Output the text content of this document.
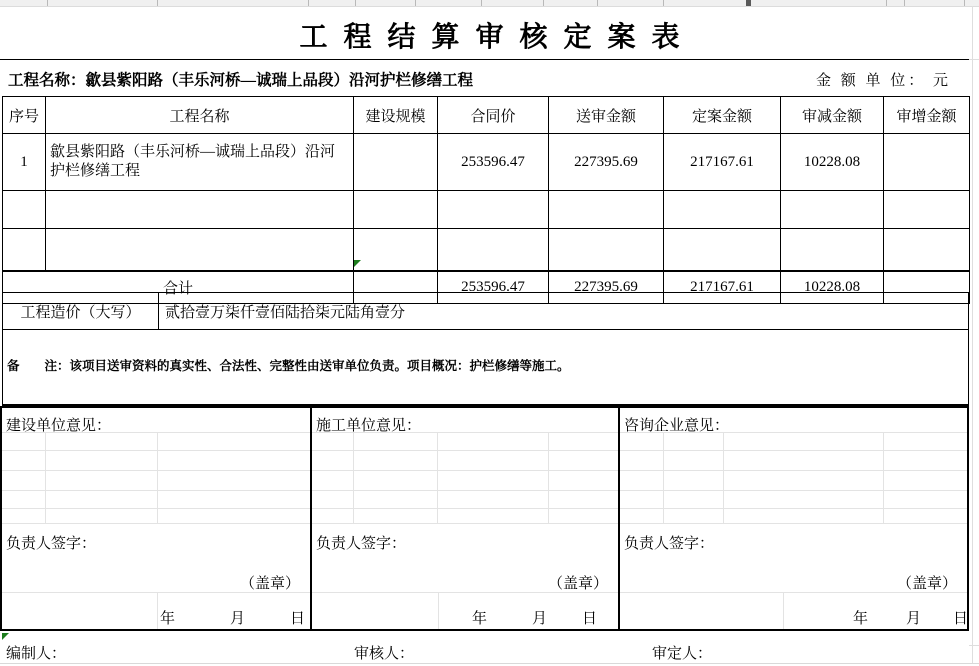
工程结算审核定案表
工程名称：歙县紫阳路（丰乐河桥—诚瑞上品段）沿河护栏修缮工程	金 额 单 位： 元
序号	工程名称	建设规模	合同价	送审金额	定案金额	审减金额	审增金额
1	歙县紫阳路（丰乐河桥—诚瑞上品段）沿河护栏修缮工程		253596.47	227395.69	217167.61	10228.08	

合计			253596.47	227395.69	217167.61	10228.08	
工程造价（大写）	贰拾壹万柒仟壹佰陆拾柒元陆角壹分
备　　注：该项目送审资料的真实性、合法性、完整性由送审单位负责。项目概况：护栏修缮等施工。
建设单位意见：
负责人签字：
（盖章）
年	月	日
施工单位意见：
负责人签字：
（盖章）
年	月 日
咨询企业意见：
负责人签字：
（盖章）
年	月 日
编制人：	审核人：	审定人：
